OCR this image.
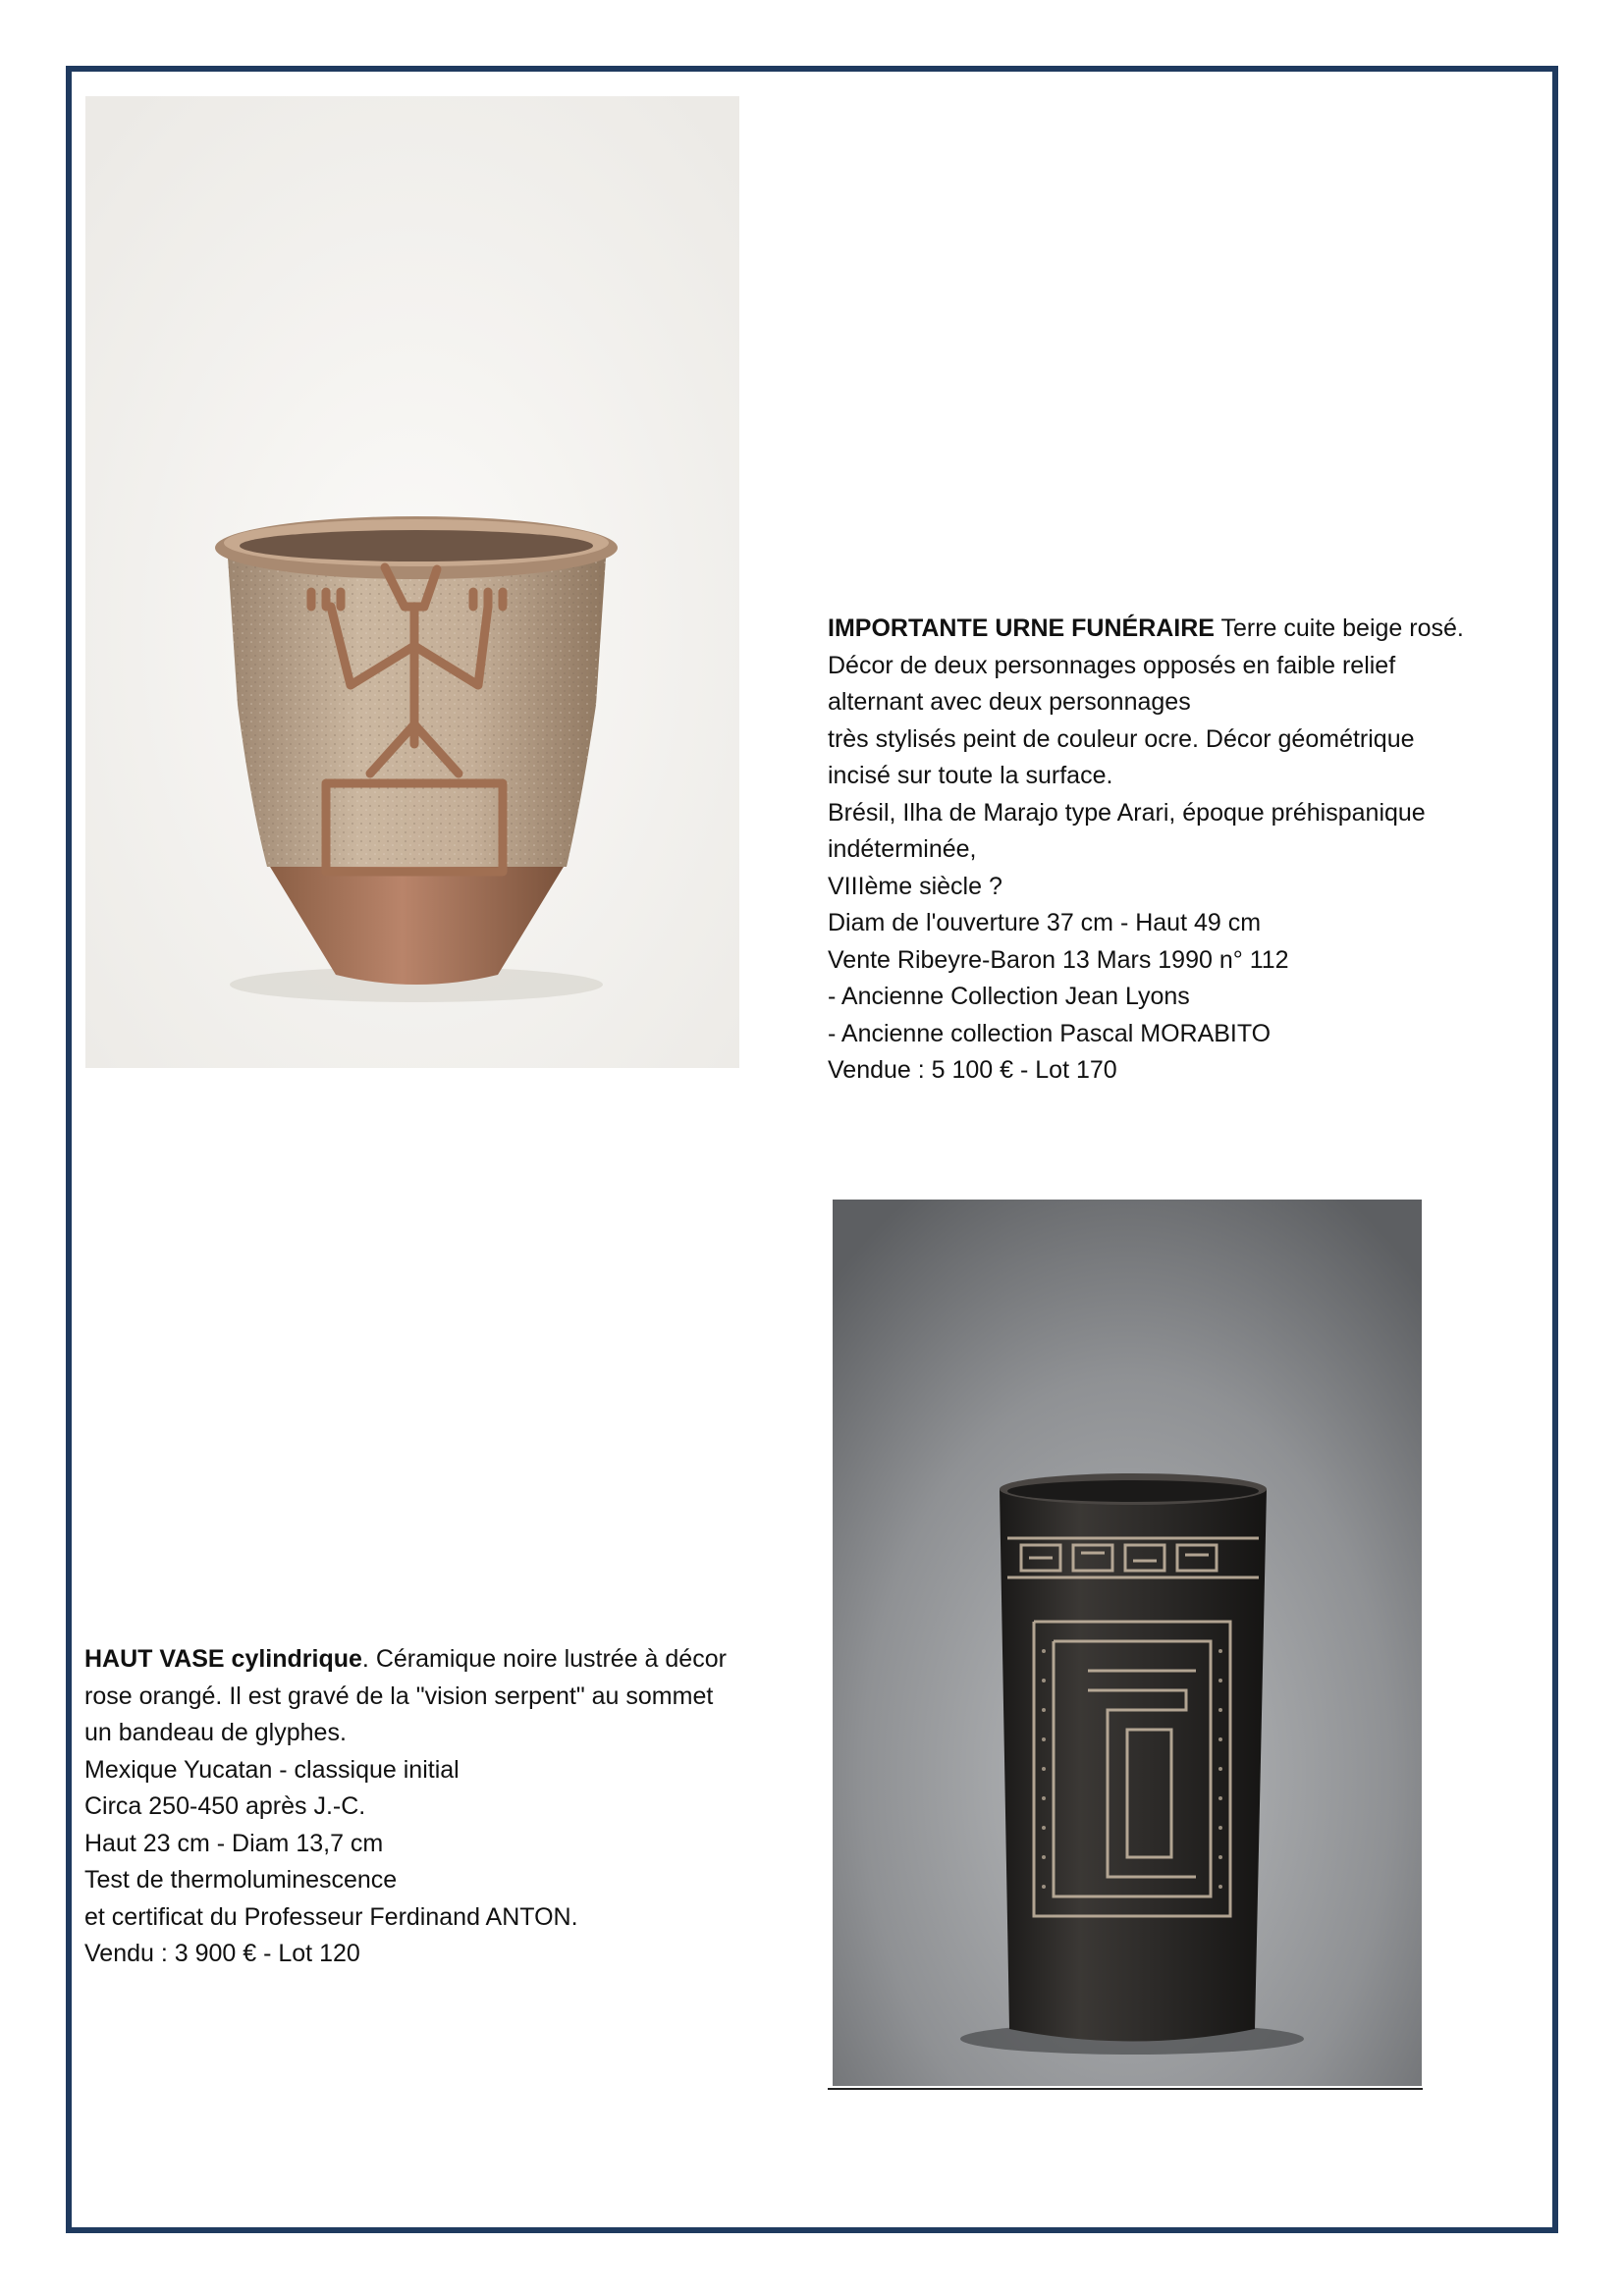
IMPORTANTE URNE FUNÉRAIRE Terre cuite beige rosé.
Décor de deux personnages opposés en faible relief
alternant avec deux personnages
très stylisés peint de couleur ocre. Décor géométrique
incisé sur toute la surface.
Brésil, Ilha de Marajo type Arari, époque préhispanique
indéterminée,
VIIIème siècle ?
Diam de l'ouverture 37 cm - Haut 49 cm
Vente Ribeyre-Baron 13 Mars 1990 n° 112
- Ancienne Collection Jean Lyons
- Ancienne collection Pascal MORABITO
Vendue : 5 100 € - Lot 170
HAUT VASE cylindrique. Céramique noire lustrée à décor
rose orangé. Il est gravé de la "vision serpent" au sommet
un bandeau de glyphes.
Mexique Yucatan - classique initial
Circa 250-450 après J.-C.
Haut 23 cm - Diam 13,7 cm
Test de thermoluminescence
et certificat du Professeur Ferdinand ANTON.
Vendu : 3 900 € - Lot 120
